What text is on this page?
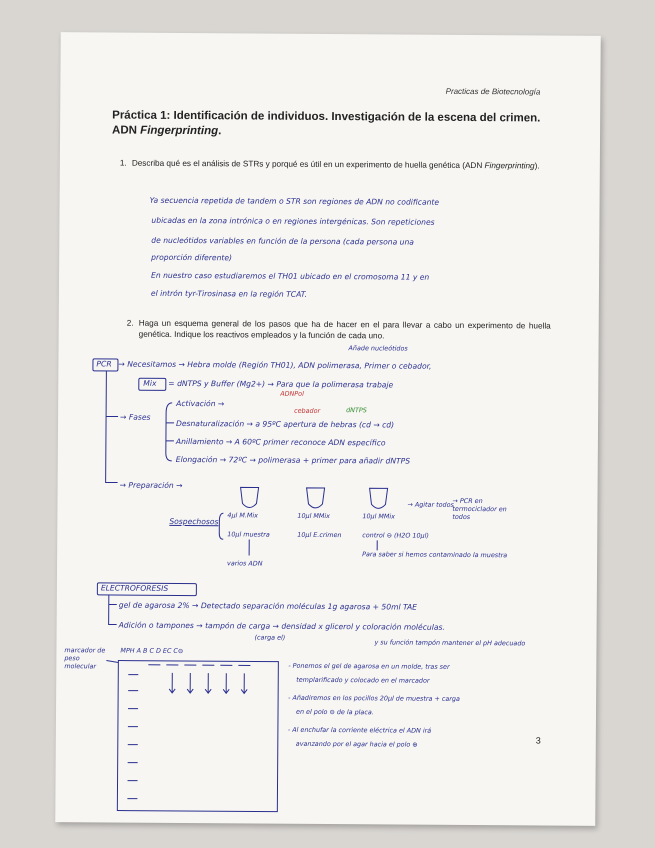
Practicas de Biotecnología
Práctica 1: Identificación de individuos. Investigación de la escena del crimen.
ADN Fingerprinting.
1. Describa qué es el análisis de STRs y porqué es útil en un experimento de huella genética (ADN Fingerprinting).
Ya secuencia repetida de tandem o STR son regiones de ADN no codificante
ubicadas en la zona intrónica o en regiones intergénicas. Son repeticiones
de nucleótidos variables en función de la persona (cada persona una
proporción diferente)
En nuestro caso estudiaremos el TH01 ubicado en el cromosoma 11 y en
el intrón tyr-Tirosinasa en la región TCAT.
2. Haga un esquema general de los pasos que ha de hacer en el para llevar a cabo un experimento de huella genética. Indique los reactivos empleados y la función de cada uno.
Añade nucleótidos
PCR → Necesitamos → Hebra molde (Región TH01), ADN polimerasa, Primer o cebador,
Mix = dNTPS y Buffer (Mg2+) → Para que la polimerasa trabaje
→ Fases
Activación →
ADNPol
cebador	dNTPS
Desnaturalización → a 95ºC apertura de hebras (cd → cd)
Anillamiento → A 60ºC primer reconoce ADN específico
Elongación → 72ºC → polimerasa + primer para añadir dNTPS
→ Preparación →
Sospechosos
4µl M.Mix
10µl muestra
10µl MMix
10µl E.crimen
10µl MMix
control ⊖ (H2O 10µl)
→ Agitar todos
→ PCR en termociclador en todos
varios ADN
Para saber si hemos contaminado la muestra
ELECTROFORESIS
gel de agarosa 2% → Detectado separación moléculas 1g agarosa + 50ml TAE
Adición o tampones → tampón de carga → densidad x glicerol y coloración moléculas.
(carga el)
y su función tampón mantener el pH adecuado
marcador de peso molecular
MPH A B C D EC C⊖
- Ponemos el gel de agarosa en un molde, tras ser
templarificado y colocado en el marcador
- Añadiremos en los pocillos 20µl de muestra + carga
en el polo ⊖ de la placa.
- Al enchufar la corriente eléctrica el ADN irá
avanzando por el agar hacia el polo ⊕	3
